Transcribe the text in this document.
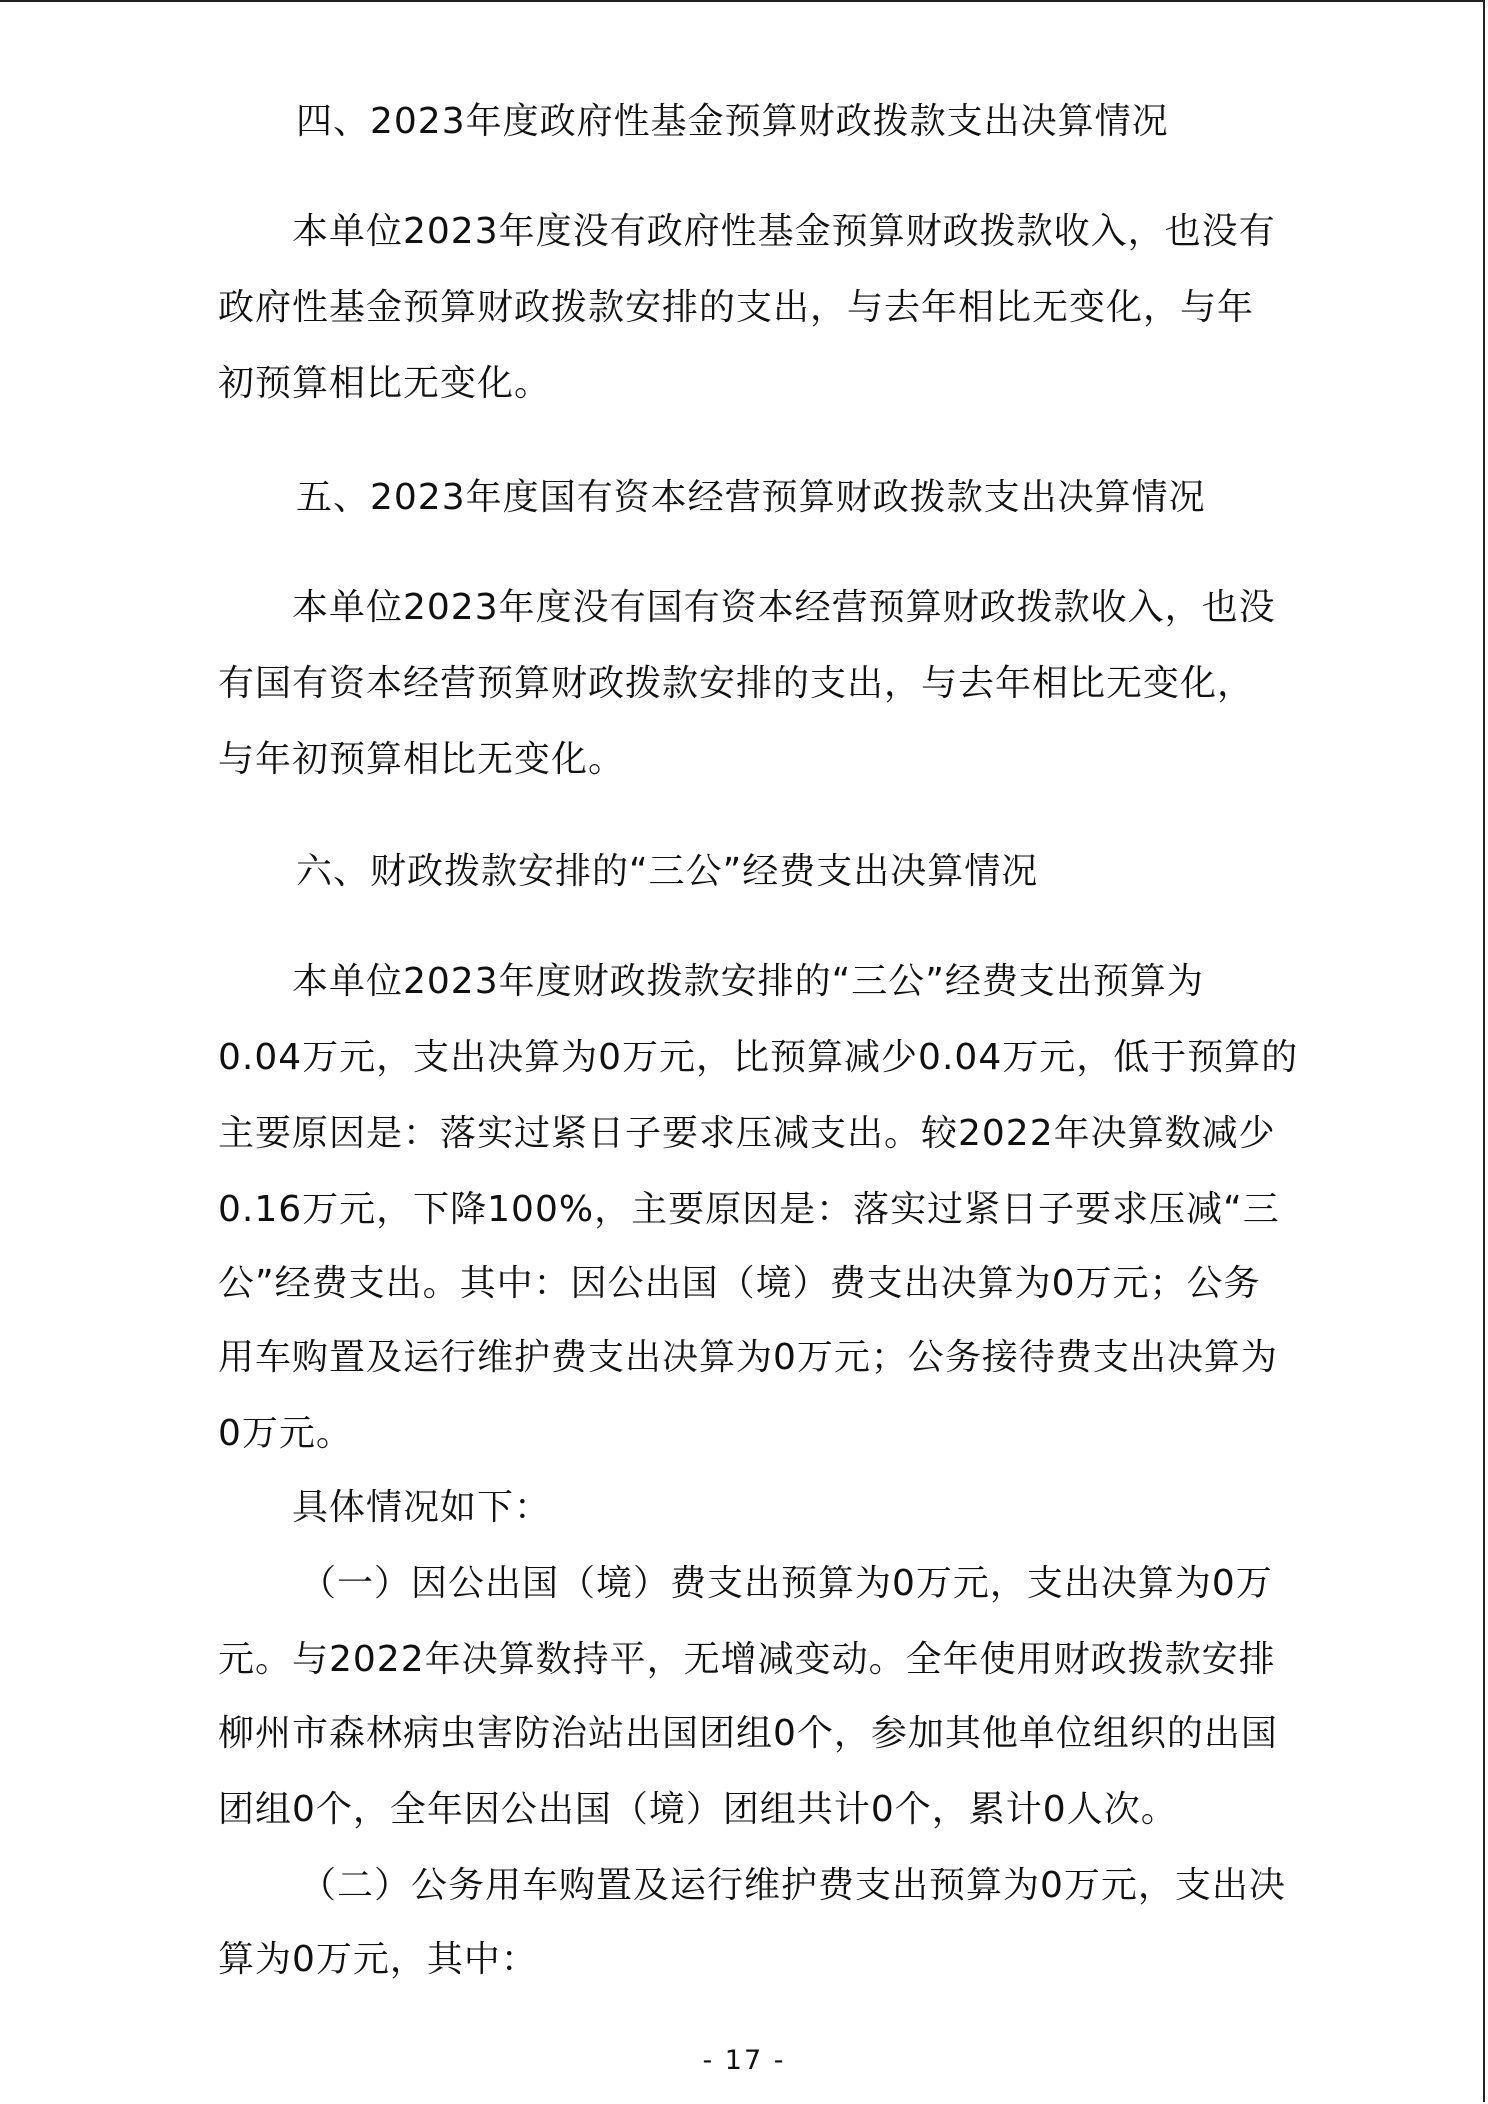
四、2023年度政府性基金预算财政拨款支出决算情况
本单位2023年度没有政府性基金预算财政拨款收入，也没有
政府性基金预算财政拨款安排的支出，与去年相比无变化，与年
初预算相比无变化。
五、2023年度国有资本经营预算财政拨款支出决算情况
本单位2023年度没有国有资本经营预算财政拨款收入，也没
有国有资本经营预算财政拨款安排的支出，与去年相比无变化，
与年初预算相比无变化。
六、财政拨款安排的“三公”经费支出决算情况
本单位2023年度财政拨款安排的“三公”经费支出预算为
0.04万元，支出决算为0万元，比预算减少0.04万元，低于预算的
主要原因是：落实过紧日子要求压减支出。较2022年决算数减少
0.16万元，下降100%，主要原因是：落实过紧日子要求压减“三
公”经费支出。其中：因公出国（境）费支出决算为0万元；公务
用车购置及运行维护费支出决算为0万元；公务接待费支出决算为
0万元。
具体情况如下：
（一）因公出国（境）费支出预算为0万元，支出决算为0万
元。与2022年决算数持平，无增减变动。全年使用财政拨款安排
柳州市森林病虫害防治站出国团组0个，参加其他单位组织的出国
团组0个，全年因公出国（境）团组共计0个，累计0人次。
（二）公务用车购置及运行维护费支出预算为0万元，支出决
算为0万元，其中：
- 17 -
